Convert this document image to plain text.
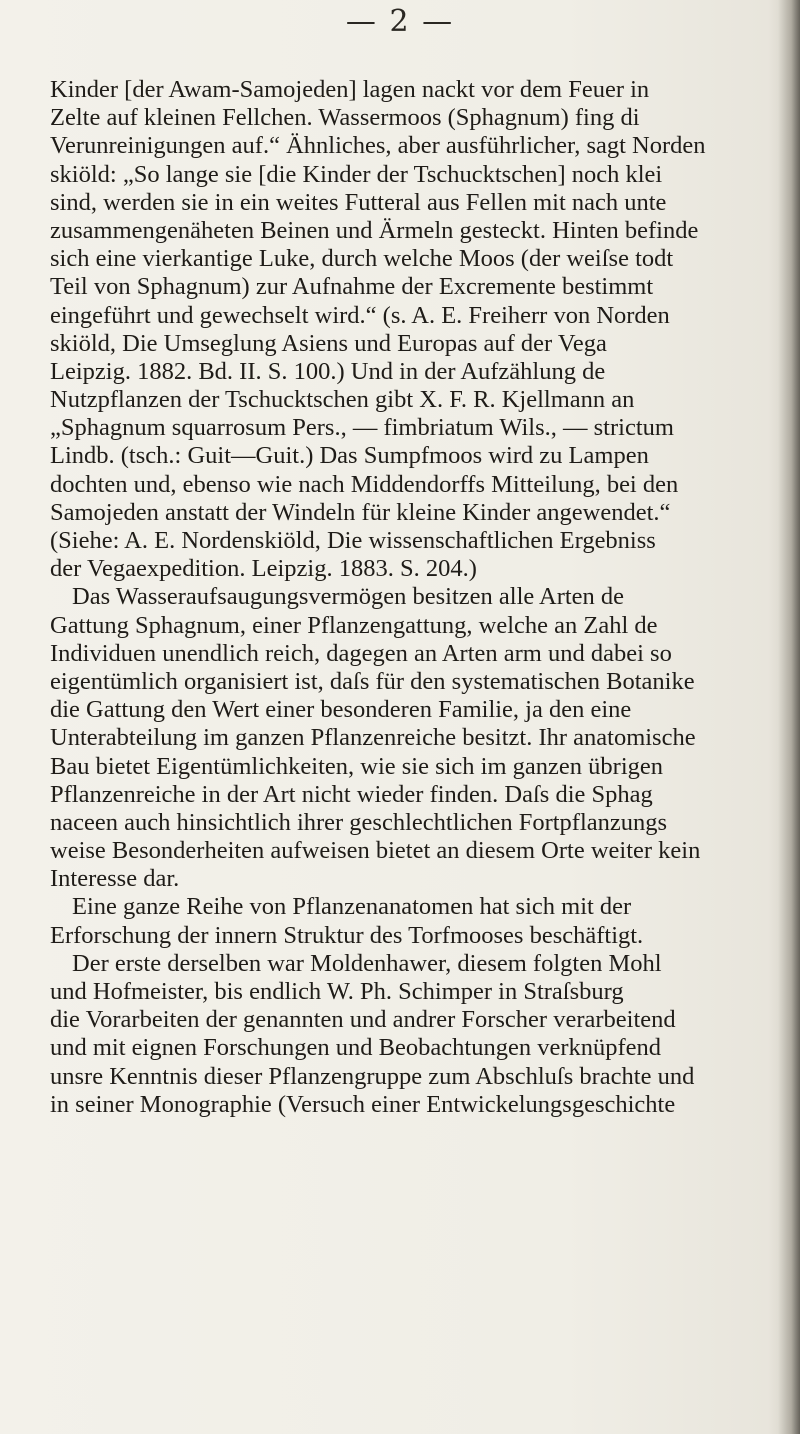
— 2 —
Kinder [der Awam-Samojeden] lagen nackt vor dem Feuer in
Zelte auf kleinen Fellchen. Wassermoos (Sphagnum) fing di
Verunreinigungen auf.“ Ähnliches, aber ausführlicher, sagt Norden
skiöld: „So lange sie [die Kinder der Tschucktschen] noch klei
sind, werden sie in ein weites Futteral aus Fellen mit nach unte
zusammengenäheten Beinen und Ärmeln gesteckt. Hinten befinde
sich eine vierkantige Luke, durch welche Moos (der weiſse todt
Teil von Sphagnum) zur Aufnahme der Excremente bestimmt
eingeführt und gewechselt wird.“ (s. A. E. Freiherr von Norden
skiöld, Die Umseglung Asiens und Europas auf der Vega
Leipzig. 1882. Bd. II. S. 100.) Und in der Aufzählung de
Nutzpflanzen der Tschucktschen gibt X. F. R. Kjellmann an
„Sphagnum squarrosum Pers., — fimbriatum Wils., — strictum
Lindb. (tsch.: Guit—Guit.) Das Sumpfmoos wird zu Lampen
dochten und, ebenso wie nach Middendorffs Mitteilung, bei den
Samojeden anstatt der Windeln für kleine Kinder angewendet.“
(Siehe: A. E. Nordenskiöld, Die wissenschaftlichen Ergebniss
der Vegaexpedition. Leipzig. 1883. S. 204.)
Das Wasseraufsaugungsvermögen besitzen alle Arten de
Gattung Sphagnum, einer Pflanzengattung, welche an Zahl de
Individuen unendlich reich, dagegen an Arten arm und dabei so
eigentümlich organisiert ist, daſs für den systematischen Botanike
die Gattung den Wert einer besonderen Familie, ja den eine
Unterabteilung im ganzen Pflanzenreiche besitzt. Ihr anatomische
Bau bietet Eigentümlichkeiten, wie sie sich im ganzen übrigen
Pflanzenreiche in der Art nicht wieder finden. Daſs die Sphag
naceen auch hinsichtlich ihrer geschlechtlichen Fortpflanzungs
weise Besonderheiten aufweisen bietet an diesem Orte weiter kein
Interesse dar.
Eine ganze Reihe von Pflanzenanatomen hat sich mit der
Erforschung der innern Struktur des Torfmooses beschäftigt.
Der erste derselben war Moldenhawer, diesem folgten Mohl
und Hofmeister, bis endlich W. Ph. Schimper in Straſsburg
die Vorarbeiten der genannten und andrer Forscher verarbeitend
und mit eignen Forschungen und Beobachtungen verknüpfend
unsre Kenntnis dieser Pflanzengruppe zum Abschluſs brachte und
in seiner Monographie (Versuch einer Entwickelungsgeschichte
